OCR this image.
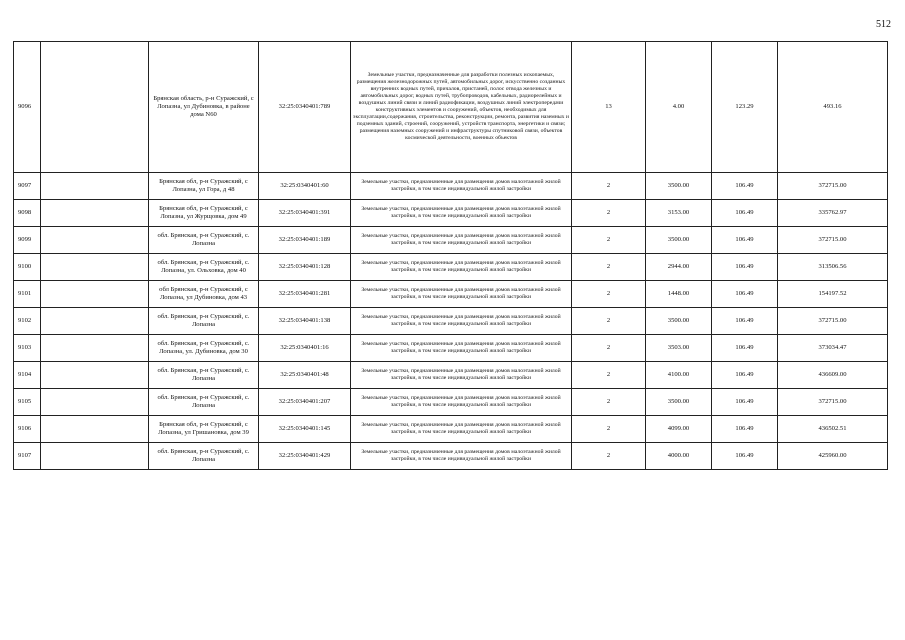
512
9096		Брянская область, р-н Суражский, с Лопазна, ул Дубиновка, в районе дома N60	32:25:0340401:789	Земельные участки, предназначенные для разработки полезных ископаемых, размещения железнодорожных путей, автомобильных дорог, искусственно созданных внутренних водных путей, причалов, пристаней, полос отвода железных и автомобильных дорог, водных путей, трубопроводов, кабельных, радиорелейных и воздушных линий связи и линий радиофикации, воздушных линий электропередачи конструктивных элементов и сооружений, объектов, необходимых для эксплуатации,содержания, строительства, реконструкции, ремонта, развития наземных и подземных зданий, строений, сооружений, устройств транспорта, энергетики и связи; размещения наземных сооружений и инфраструктуры спутниковой связи, объектов космической деятельности, военных объектов	13	4.00	123.29	493.16
9097		Брянская обл, р-н Суражский, с Лопазна, ул Гора, д 48	32:25:0340401:60	Земельные участки, предназначенные для размещения домов малоэтажной жилой застройки, в том числе индивидуальной жилой застройки	2	3500.00	106.49	372715.00
9098		Брянская обл, р-н Суражский, с Лопазна, ул Журщовка, дом 49	32:25:0340401:391	Земельные участки, предназначенные для размещения домов малоэтажной жилой застройки, в том числе индивидуальной жилой застройки	2	3153.00	106.49	335762.97
9099		обл. Брянская, р-н Суражский, с. Лопазна	32:25:0340401:189	Земельные участки, предназначенные для размещения домов малоэтажной жилой застройки, в том числе индивидуальной жилой застройки	2	3500.00	106.49	372715.00
9100		обл. Брянская, р-н Суражский, с. Лопазна, ул. Ольховка, дом 40	32:25:0340401:128	Земельные участки, предназначенные для размещения домов малоэтажной жилой застройки, в том числе индивидуальной жилой застройки	2	2944.00	106.49	313506.56
9101		обл Брянская, р-н Суражский, с Лопазна, ул Дубиновка, дом 43	32:25:0340401:281	Земельные участки, предназначенные для размещения домов малоэтажной жилой застройки, в том числе индивидуальной жилой застройки	2	1448.00	106.49	154197.52
9102		обл. Брянская, р-н Суражский, с. Лопазна	32:25:0340401:138	Земельные участки, предназначенные для размещения домов малоэтажной жилой застройки, в том числе индивидуальной жилой застройки	2	3500.00	106.49	372715.00
9103		обл. Брянская, р-н Суражский, с. Лопазна, ул. Дубиновка, дом 30	32:25:0340401:16	Земельные участки, предназначенные для размещения домов малоэтажной жилой застройки, в том числе индивидуальной жилой застройки	2	3503.00	106.49	373034.47
9104		обл. Брянская, р-н Суражский, с. Лопазна	32:25:0340401:48	Земельные участки, предназначенные для размещения домов малоэтажной жилой застройки, в том числе индивидуальной жилой застройки	2	4100.00	106.49	436609.00
9105		обл. Брянская, р-н Суражский, с. Лопазна	32:25:0340401:207	Земельные участки, предназначенные для размещения домов малоэтажной жилой застройки, в том числе индивидуальной жилой застройки	2	3500.00	106.49	372715.00
9106		Брянская обл, р-н Суражский, с Лопазна, ул Гришановка, дом 39	32:25:0340401:145	Земельные участки, предназначенные для размещения домов малоэтажной жилой застройки, в том числе индивидуальной жилой застройки	2	4099.00	106.49	436502.51
9107		обл. Брянская, р-н Суражский, с. Лопазна	32:25:0340401:429	Земельные участки, предназначенные для размещения домов малоэтажной жилой застройки, в том числе индивидуальной жилой застройки	2	4000.00	106.49	425960.00
